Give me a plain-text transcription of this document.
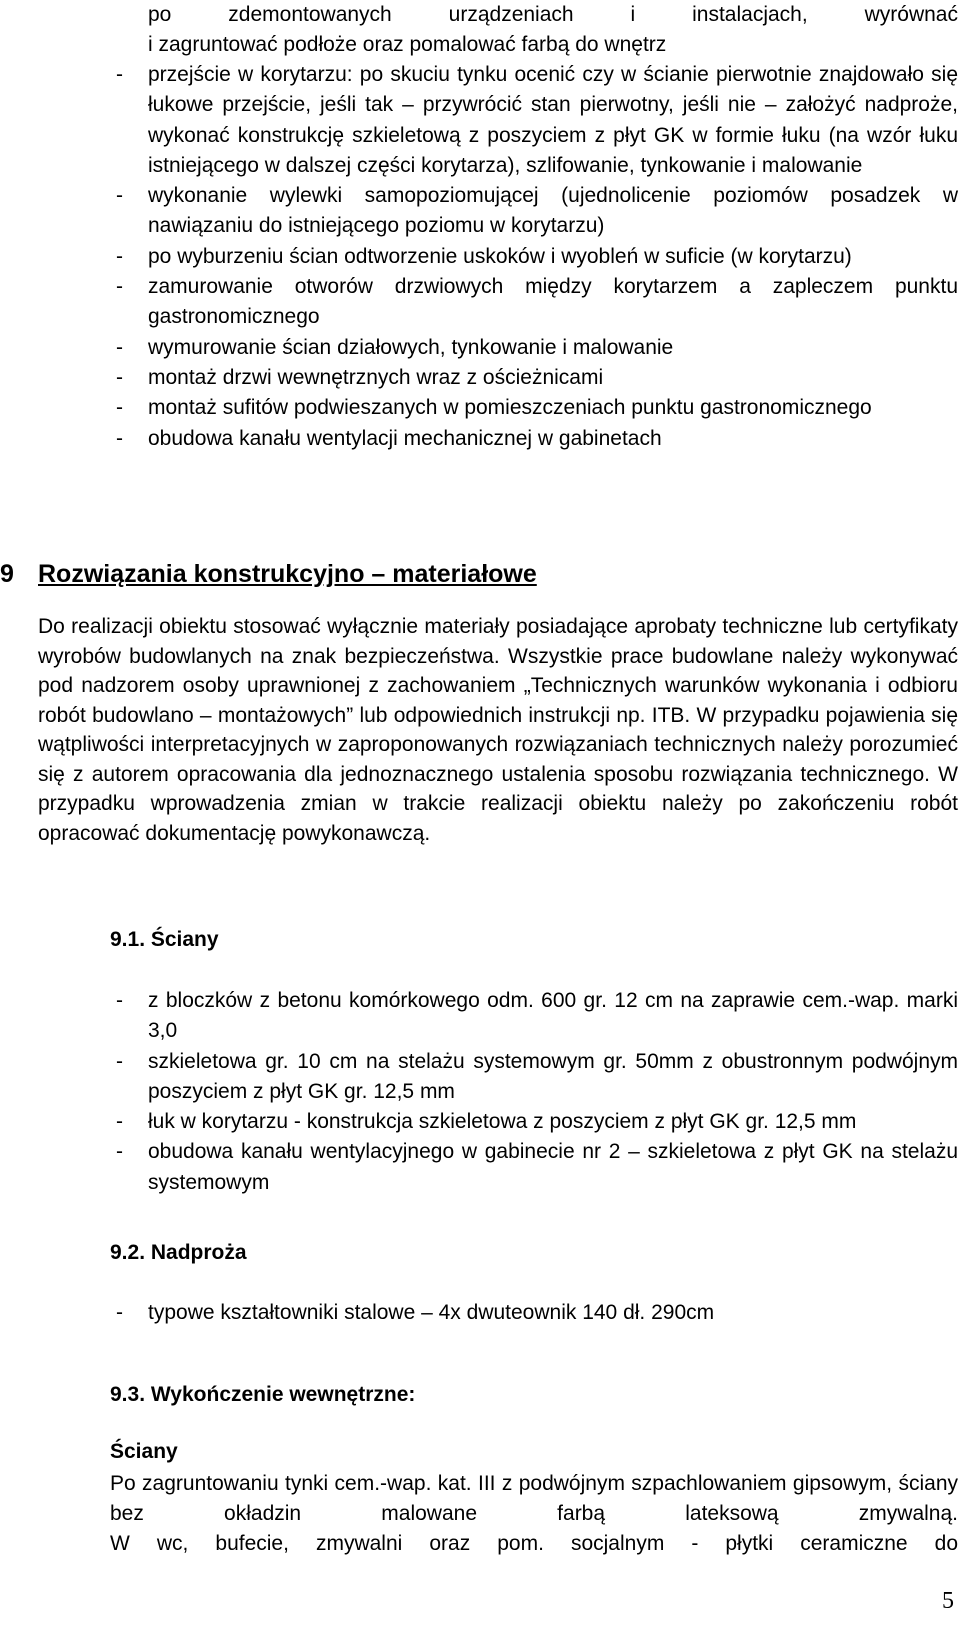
po zdemontowanych urządzeniach i instalacjach, wyrównać
i zagruntować podłoże oraz pomalować farbą do wnętrz
- przejście w korytarzu: po skuciu tynku ocenić czy w ścianie pierwotnie znajdowało się łukowe przejście, jeśli tak – przywrócić stan pierwotny, jeśli nie – założyć nadproże, wykonać konstrukcję szkieletową z poszyciem z płyt GK w formie łuku (na wzór łuku istniejącego w dalszej części korytarza), szlifowanie, tynkowanie i malowanie
- wykonanie wylewki samopoziomującej (ujednolicenie poziomów posadzek w nawiązaniu do istniejącego poziomu w korytarzu)
- po wyburzeniu ścian odtworzenie uskoków i wyobleń w suficie (w korytarzu)
- zamurowanie otworów drzwiowych między korytarzem a zapleczem punktu gastronomicznego
- wymurowanie ścian działowych, tynkowanie i malowanie
- montaż drzwi wewnętrznych wraz z ościeżnicami
- montaż sufitów podwieszanych w pomieszczeniach punktu gastronomicznego
- obudowa kanału wentylacji mechanicznej w gabinetach
9 Rozwiązania konstrukcyjno – materiałowe
Do realizacji obiektu stosować wyłącznie materiały posiadające aprobaty techniczne lub certyfikaty wyrobów budowlanych na znak bezpieczeństwa. Wszystkie prace budowlane należy wykonywać pod nadzorem osoby uprawnionej z zachowaniem „Technicznych warunków wykonania i odbioru robót budowlano – montażowych” lub odpowiednich instrukcji np. ITB. W przypadku pojawienia się wątpliwości interpretacyjnych w zaproponowanych rozwiązaniach technicznych należy porozumieć się z autorem opracowania dla jednoznacznego ustalenia sposobu rozwiązania technicznego. W przypadku wprowadzenia zmian w trakcie realizacji obiektu należy po zakończeniu robót opracować dokumentację powykonawczą.
9.1. Ściany
- z bloczków z betonu komórkowego odm. 600 gr. 12 cm na zaprawie cem.-wap. marki 3,0
- szkieletowa gr. 10 cm na stelażu systemowym gr. 50mm z obustronnym podwójnym poszyciem z płyt GK gr. 12,5 mm
- łuk w korytarzu - konstrukcja szkieletowa z poszyciem z płyt GK gr. 12,5 mm
- obudowa kanału wentylacyjnego w gabinecie nr 2 – szkieletowa z płyt GK na stelażu systemowym
9.2. Nadproża
- typowe kształtowniki stalowe – 4x dwuteownik 140 dł. 290cm
9.3. Wykończenie wewnętrzne:
Ściany
Po zagruntowaniu tynki cem.-wap. kat. III z podwójnym szpachlowaniem gipsowym, ściany bez okładzin malowane farbą lateksową zmywalną.
W wc, bufecie, zmywalni oraz pom. socjalnym - płytki ceramiczne do
5
